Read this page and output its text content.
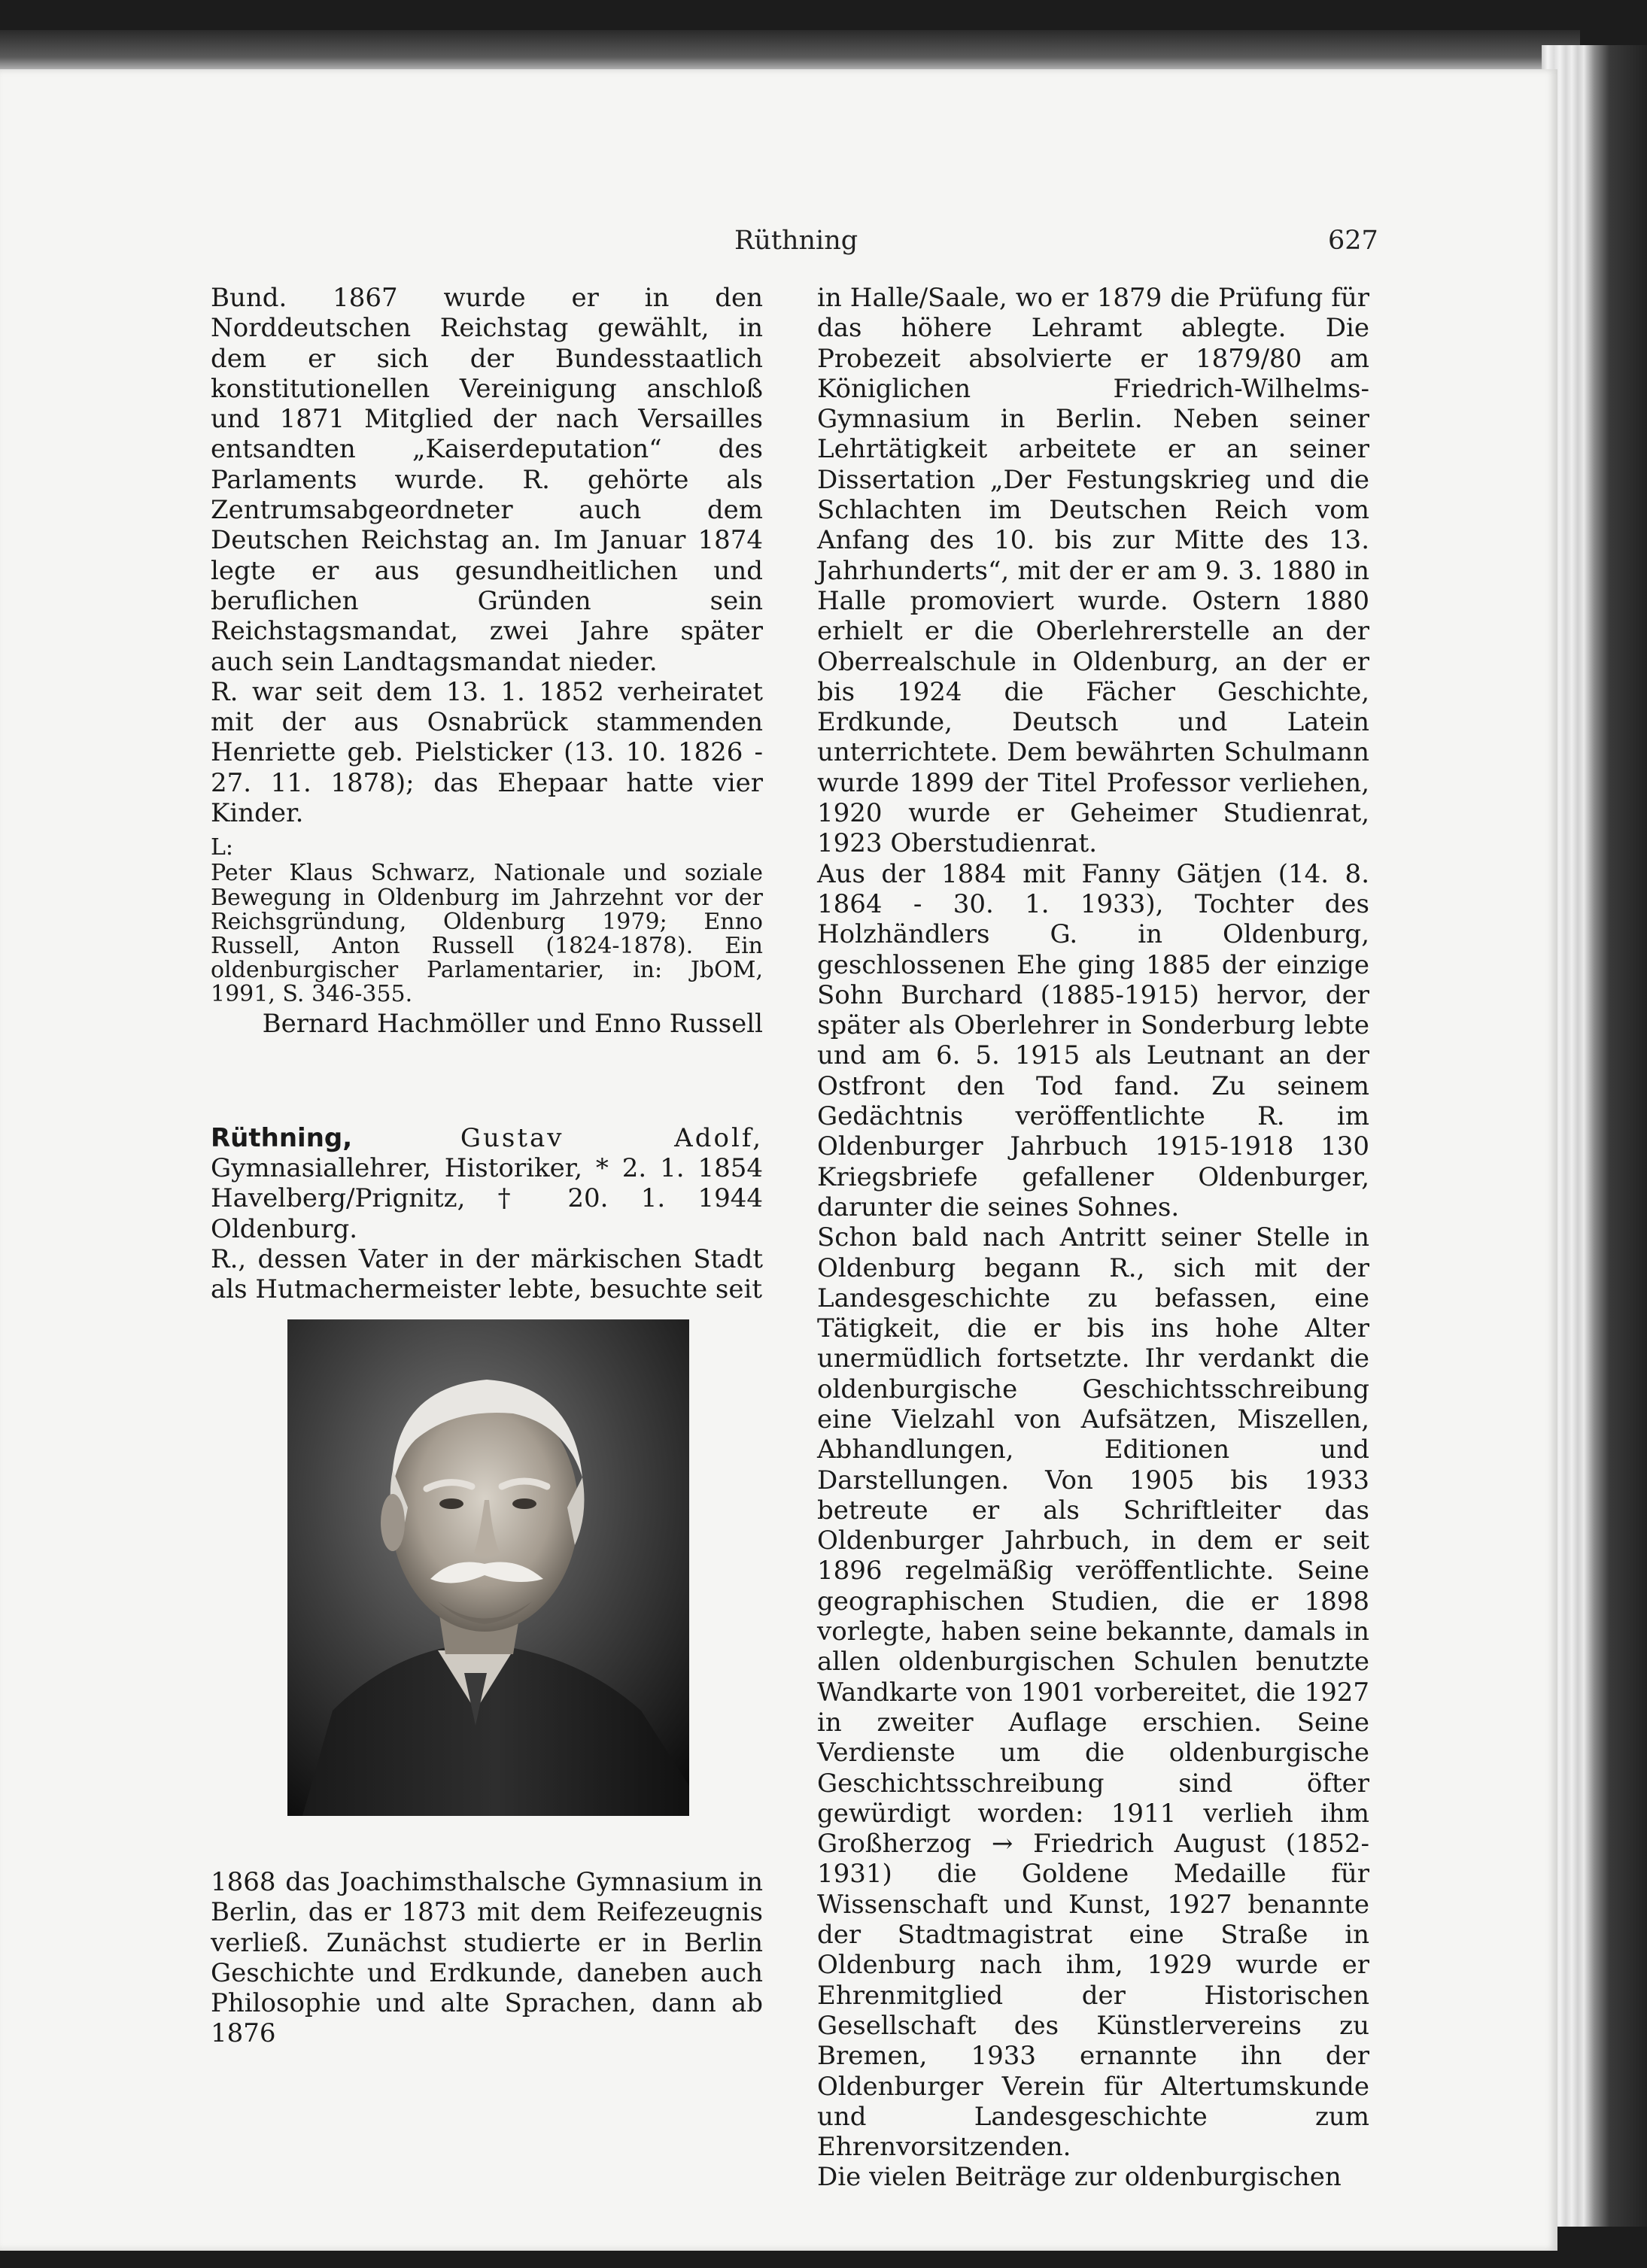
Rüthning	627

Bund. 1867 wurde er in den Norddeutschen Reichstag gewählt, in dem er sich der Bundesstaatlich konstitutionellen Vereinigung anschloß und 1871 Mitglied der nach Versailles entsandten „Kaiserdeputation“ des Parlaments wurde. R. gehörte als Zentrumsabgeordneter auch dem Deutschen Reichstag an. Im Januar 1874 legte er aus gesundheitlichen und beruflichen Gründen sein Reichstagsmandat, zwei Jahre später auch sein Landtagsmandat nieder.

R. war seit dem 13. 1. 1852 verheiratet mit der aus Osnabrück stammenden Henriette geb. Pielsticker (13. 10. 1826 - 27. 11. 1878); das Ehepaar hatte vier Kinder.

L:

Peter Klaus Schwarz, Nationale und soziale Bewegung in Oldenburg im Jahrzehnt vor der Reichsgründung, Oldenburg 1979; Enno Russell, Anton Russell (1824-1878). Ein oldenburgischer Parlamentarier, in: JbOM, 1991, S. 346-355.

Bernard Hachmöller und Enno Russell

Rüthning,	Gustav Adolf, Gymnasiallehrer, Historiker, * 2. 1. 1854 Havelberg/Prignitz, † 20. 1. 1944 Oldenburg.

R., dessen Vater in der märkischen Stadt als Hutmachermeister lebte, besuchte seit

1868 das Joachimsthalsche Gymnasium in Berlin, das er 1873 mit dem Reifezeugnis verließ. Zunächst studierte er in Berlin Geschichte und Erdkunde, daneben auch Philosophie und alte Sprachen, dann ab 1876

in Halle/Saale, wo er 1879 die Prüfung für das höhere Lehramt ablegte. Die Probezeit absolvierte er 1879/80 am Königlichen Friedrich-Wilhelms-Gymnasium in Berlin. Neben seiner Lehrtätigkeit arbeitete er an seiner Dissertation „Der Festungskrieg und die Schlachten im Deutschen Reich vom Anfang des 10. bis zur Mitte des 13. Jahrhunderts“, mit der er am 9. 3. 1880 in Halle promoviert wurde. Ostern 1880 erhielt er die Oberlehrerstelle an der Oberrealschule in Oldenburg, an der er bis 1924 die Fächer Geschichte, Erdkunde, Deutsch und Latein unterrichtete. Dem bewährten Schulmann wurde 1899 der Titel Professor verliehen, 1920 wurde er Geheimer Studienrat, 1923 Oberstudienrat.

Aus der 1884 mit Fanny Gätjen (14. 8. 1864 - 30. 1. 1933), Tochter des Holzhändlers G. in Oldenburg, geschlossenen Ehe ging 1885 der einzige Sohn Burchard (1885-1915) hervor, der später als Oberlehrer in Sonderburg lebte und am 6. 5. 1915 als Leutnant an der Ostfront den Tod fand. Zu seinem Gedächtnis veröffentlichte R. im Oldenburger Jahrbuch 1915-1918 130 Kriegsbriefe gefallener Oldenburger, darunter die seines Sohnes.

Schon bald nach Antritt seiner Stelle in Oldenburg begann R., sich mit der Landesgeschichte zu befassen, eine Tätigkeit, die er bis ins hohe Alter unermüdlich fortsetzte. Ihr verdankt die oldenburgische Geschichtsschreibung eine Vielzahl von Aufsätzen, Miszellen, Abhandlungen, Editionen und Darstellungen. Von 1905 bis 1933 betreute er als Schriftleiter das Oldenburger Jahrbuch, in dem er seit 1896 regelmäßig veröffentlichte. Seine geographischen Studien, die er 1898 vorlegte, haben seine bekannte, damals in allen oldenburgischen Schulen benutzte Wandkarte von 1901 vorbereitet, die 1927 in zweiter Auflage erschien. Seine Verdienste um die oldenburgische Geschichtsschreibung sind öfter gewürdigt worden: 1911 verlieh ihm Großherzog → Friedrich August (1852-1931) die Goldene Medaille für Wissenschaft und Kunst, 1927 benannte der Stadtmagistrat eine Straße in Oldenburg nach ihm, 1929 wurde er Ehrenmitglied der Historischen Gesellschaft des Künstlervereins zu Bremen, 1933 ernannte ihn der Oldenburger Verein für Altertumskunde und Landesgeschichte zum Ehrenvorsitzenden.

Die vielen Beiträge zur oldenburgischen
